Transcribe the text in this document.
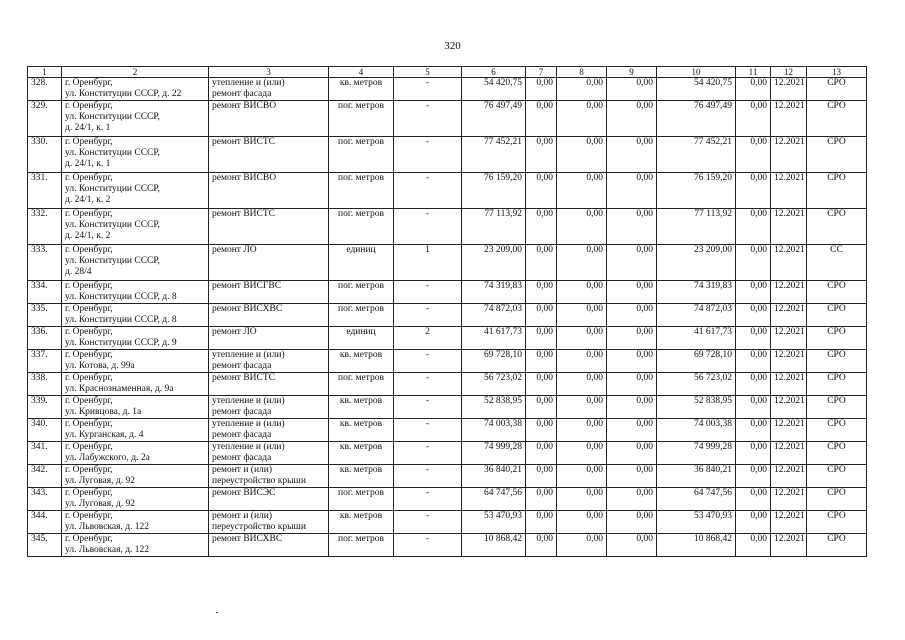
320
1	2	3	4	5	6	7	8	9	10	11	12	13
328.	г. Оренбург,
ул. Конституции СССР, д. 22	утепление и (или)
ремонт фасада	кв. метров	-	54 420,75	0,00	0,00	0,00	54 420,75	0,00	12.2021	СРО
329.	г. Оренбург,
ул. Конституции СССР,
д. 24/1, к. 1	ремонт ВИСВО	пог. метров	-	76 497,49	0,00	0,00	0,00	76 497,49	0,00	12.2021	СРО
330.	г. Оренбург,
ул. Конституции СССР,
д. 24/1, к. 1	ремонт ВИСТС	пог. метров	-	77 452,21	0,00	0,00	0,00	77 452,21	0,00	12.2021	СРО
331.	г. Оренбург,
ул. Конституции СССР,
д. 24/1, к. 2	ремонт ВИСВО	пог. метров	-	76 159,20	0,00	0,00	0,00	76 159,20	0,00	12.2021	СРО
332.	г. Оренбург,
ул. Конституции СССР,
д. 24/1, к. 2	ремонт ВИСТС	пог. метров	-	77 113,92	0,00	0,00	0,00	77 113,92	0,00	12.2021	СРО
333.	г. Оренбург,
ул. Конституции СССР,
д. 28/4	ремонт ЛО	единиц	1	23 209,00	0,00	0,00	0,00	23 209,00	0,00	12.2021	СС
334.	г. Оренбург,
ул. Конституции СССР, д. 8	ремонт ВИСГВС	пог. метров	-	74 319,83	0,00	0,00	0,00	74 319,83	0,00	12.2021	СРО
335.	г. Оренбург,
ул. Конституции СССР, д. 8	ремонт ВИСХВС	пог. метров	-	74 872,03	0,00	0,00	0,00	74 872,03	0,00	12.2021	СРО
336.	г. Оренбург,
ул. Конституции СССР, д. 9	ремонт ЛО	единиц	2	41 617,73	0,00	0,00	0,00	41 617,73	0,00	12.2021	СРО
337.	г. Оренбург,
ул. Котова, д. 99а	утепление и (или)
ремонт фасада	кв. метров	-	69 728,10	0,00	0,00	0,00	69 728,10	0,00	12.2021	СРО
338.	г. Оренбург,
ул. Краснознаменная, д. 9а	ремонт ВИСТС	пог. метров	-	56 723,02	0,00	0,00	0,00	56 723,02	0,00	12.2021	СРО
339.	г. Оренбург,
ул. Кривцова, д. 1а	утепление и (или)
ремонт фасада	кв. метров	-	52 838,95	0,00	0,00	0,00	52 838,95	0,00	12.2021	СРО
340.	г. Оренбург,
ул. Курганская, д. 4	утепление и (или)
ремонт фасада	кв. метров	-	74 003,38	0,00	0,00	0,00	74 003,38	0,00	12.2021	СРО
341.	г. Оренбург,
ул. Лабужского, д. 2а	утепление и (или)
ремонт фасада	кв. метров	-	74 999,28	0,00	0,00	0,00	74 999,28	0,00	12.2021	СРО
342.	г. Оренбург,
ул. Луговая, д. 92	ремонт и (или)
переустройство крыши	кв. метров	-	36 840,21	0,00	0,00	0,00	36 840,21	0,00	12.2021	СРО
343.	г. Оренбург,
ул. Луговая, д. 92	ремонт ВИСЭС	пог. метров	-	64 747,56	0,00	0,00	0,00	64 747,56	0,00	12.2021	СРО
344.	г. Оренбург,
ул. Львовская, д. 122	ремонт и (или)
переустройство крыши	кв. метров	-	53 470,93	0,00	0,00	0,00	53 470,93	0,00	12.2021	СРО
345.	г. Оренбург,
ул. Львовская, д. 122	ремонт ВИСХВС	пог. метров	-	10 868,42	0,00	0,00	0,00	10 868,42	0,00	12.2021	СРО
